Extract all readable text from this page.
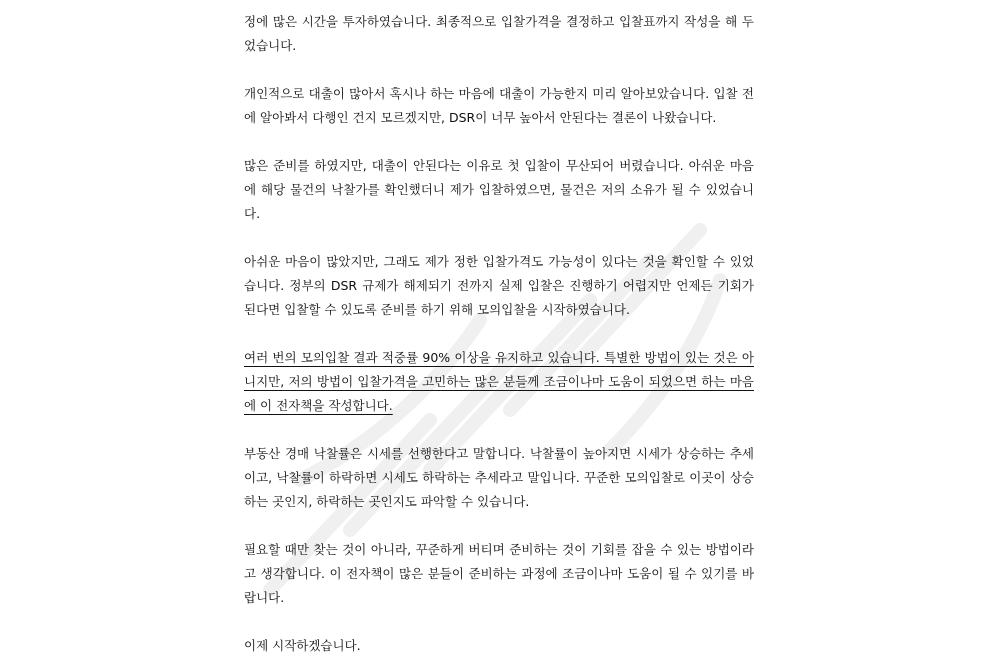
정에 많은 시간을 투자하였습니다. 최종적으로 입찰가격을 결정하고 입찰표까지 작성을 해 두었습니다.

개인적으로 대출이 많아서 혹시나 하는 마음에 대출이 가능한지 미리 알아보았습니다. 입찰 전에 알아봐서 다행인 건지 모르겠지만, DSR이 너무 높아서 안된다는 결론이 나왔습니다.

많은 준비를 하였지만, 대출이 안된다는 이유로 첫 입찰이 무산되어 버렸습니다. 아쉬운 마음에 해당 물건의 낙찰가를 확인했더니 제가 입찰하였으면, 물건은 저의 소유가 될 수 있었습니다.

아쉬운 마음이 많았지만, 그래도 제가 정한 입찰가격도 가능성이 있다는 것을 확인할 수 있었습니다. 정부의 DSR 규제가 해제되기 전까지 실제 입찰은 진행하기 어렵지만 언제든 기회가 된다면 입찰할 수 있도록 준비를 하기 위해 모의입찰을 시작하였습니다.

여러 번의 모의입찰 결과 적중률 90% 이상을 유지하고 있습니다. 특별한 방법이 있는 것은 아니지만, 저의 방법이 입찰가격을 고민하는 많은 분들께 조금이나마 도움이 되었으면 하는 마음에 이 전자책을 작성합니다.

부동산 경매 낙찰률은 시세를 선행한다고 말합니다. 낙찰률이 높아지면 시세가 상승하는 추세이고, 낙찰률이 하락하면 시세도 하락하는 추세라고 말입니다. 꾸준한 모의입찰로 이곳이 상승하는 곳인지, 하락하는 곳인지도 파악할 수 있습니다.

필요할 때만 찾는 것이 아니라, 꾸준하게 버티며 준비하는 것이 기회를 잡을 수 있는 방법이라고 생각합니다. 이 전자책이 많은 분들이 준비하는 과정에 조금이나마 도움이 될 수 있기를 바랍니다.

이제 시작하겠습니다.
